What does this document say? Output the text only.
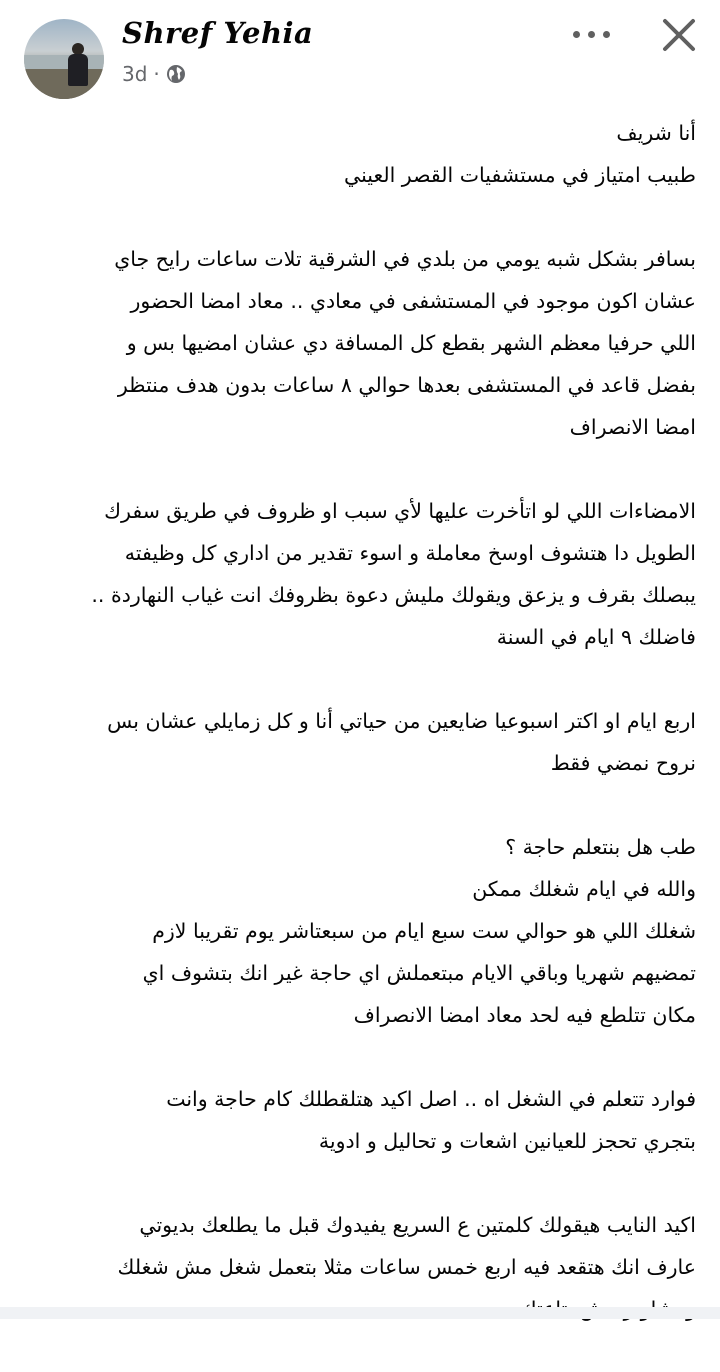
Shref Yehia
3d ·
أنا شريف
طبيب امتياز في مستشفيات القصر العيني
بسافر بشكل شبه يومي من بلدي في الشرقية تلات ساعات رايح جاي
عشان اكون موجود في المستشفى في معادي .. معاد امضا الحضور
اللي حرفيا معظم الشهر بقطع كل المسافة دي عشان امضيها بس و
بفضل قاعد في المستشفى بعدها حوالي ٨ ساعات بدون هدف منتظر
امضا الانصراف
الامضاءات اللي لو اتأخرت عليها لأي سبب او ظروف في طريق سفرك
الطويل دا هتشوف اوسخ معاملة و اسوء تقدير من اداري كل وظيفته
يبصلك بقرف و يزعق ويقولك مليش دعوة بظروفك انت غياب النهاردة ..
فاضلك ٩ ايام في السنة
اربع ايام او اكتر اسبوعيا ضايعين من حياتي أنا و كل زمايلي عشان بس
نروح نمضي فقط
طب هل بنتعلم حاجة ؟
والله في ايام شغلك ممكن
شغلك اللي هو حوالي ست سبع ايام من سبعتاشر يوم تقريبا لازم
تمضيهم شهريا وباقي الايام مبتعملش اي حاجة غير انك بتشوف اي
مكان تتلطع فيه لحد معاد امضا الانصراف
فوارد تتعلم في الشغل اه .. اصل اكيد هتلقطلك كام حاجة وانت
بتجري تحجز للعيانين اشعات و تحاليل و ادوية
اكيد النايب هيقولك كلمتين ع السريع يفيدوك قبل ما يطلعك بديوتي
عارف انك هتقعد فيه اربع خمس ساعات مثلا بتعمل شغل مش شغلك
